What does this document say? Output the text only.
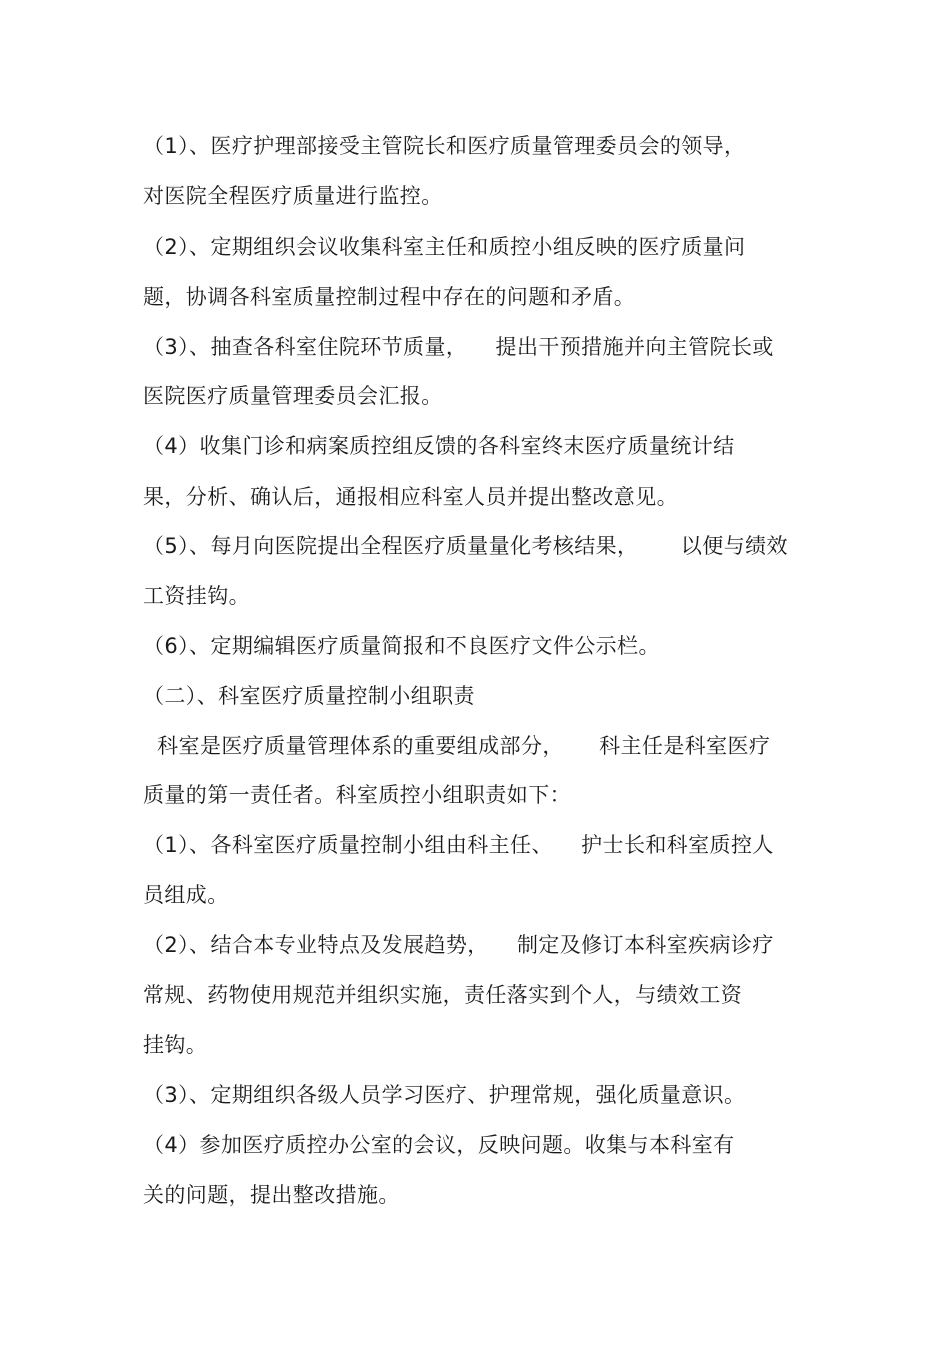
（1）、医疗护理部接受主管院长和医疗质量管理委员会的领导，
对医院全程医疗质量进行监控。
（2）、定期组织会议收集科室主任和质控小组反映的医疗质量问
题，协调各科室质量控制过程中存在的问题和矛盾。
（3）、抽查各科室住院环节质量，    提出干预措施并向主管院长或
医院医疗质量管理委员会汇报。
（4）收集门诊和病案质控组反馈的各科室终末医疗质量统计结
果，分析、确认后，通报相应科室人员并提出整改意见。
（5）、每月向医院提出全程医疗质量量化考核结果，      以便与绩效
工资挂钩。
（6）、定期编辑医疗质量简报和不良医疗文件公示栏。
（二）、科室医疗质量控制小组职责
科室是医疗质量管理体系的重要组成部分，     科主任是科室医疗
质量的第一责任者。科室质控小组职责如下：
（1）、各科室医疗质量控制小组由科主任、    护士长和科室质控人
员组成。
（2）、结合本专业特点及发展趋势，    制定及修订本科室疾病诊疗
常规、药物使用规范并组织实施，责任落实到个人，与绩效工资
挂钩。
（3）、定期组织各级人员学习医疗、护理常规，强化质量意识。
（4）参加医疗质控办公室的会议，反映问题。收集与本科室有
关的问题，提出整改措施。
